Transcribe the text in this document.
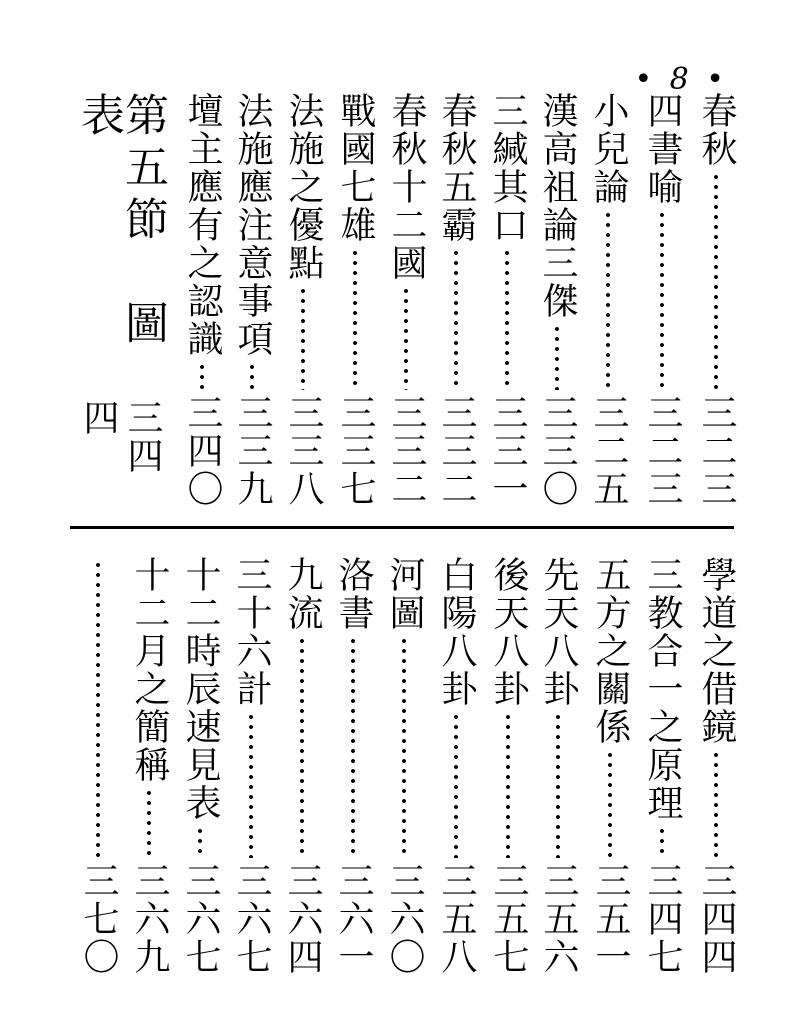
• 8 •
春秋
三二三
四書喻
三二三
小兒論
三二五
漢高祖論三傑
三三〇
三緘其口
三三一
春秋五霸
三三二
春秋十二國
三三二
戰國七雄
三三七
法施之優點
三三八
法施應注意事項
三三九
壇主應有之認識
三四〇
第五節　圖表
三四四
學道之借鏡
三四四
三教合一之原理
三四七
五方之關係
三五一
先天八卦
三五六
後天八卦
三五七
白陽八卦
三五八
河圖
三六〇
洛書
三六一
九流
三六四
三十六計
三六七
十二時辰速見表
三六七
十二月之簡稱
三六九
三七〇
